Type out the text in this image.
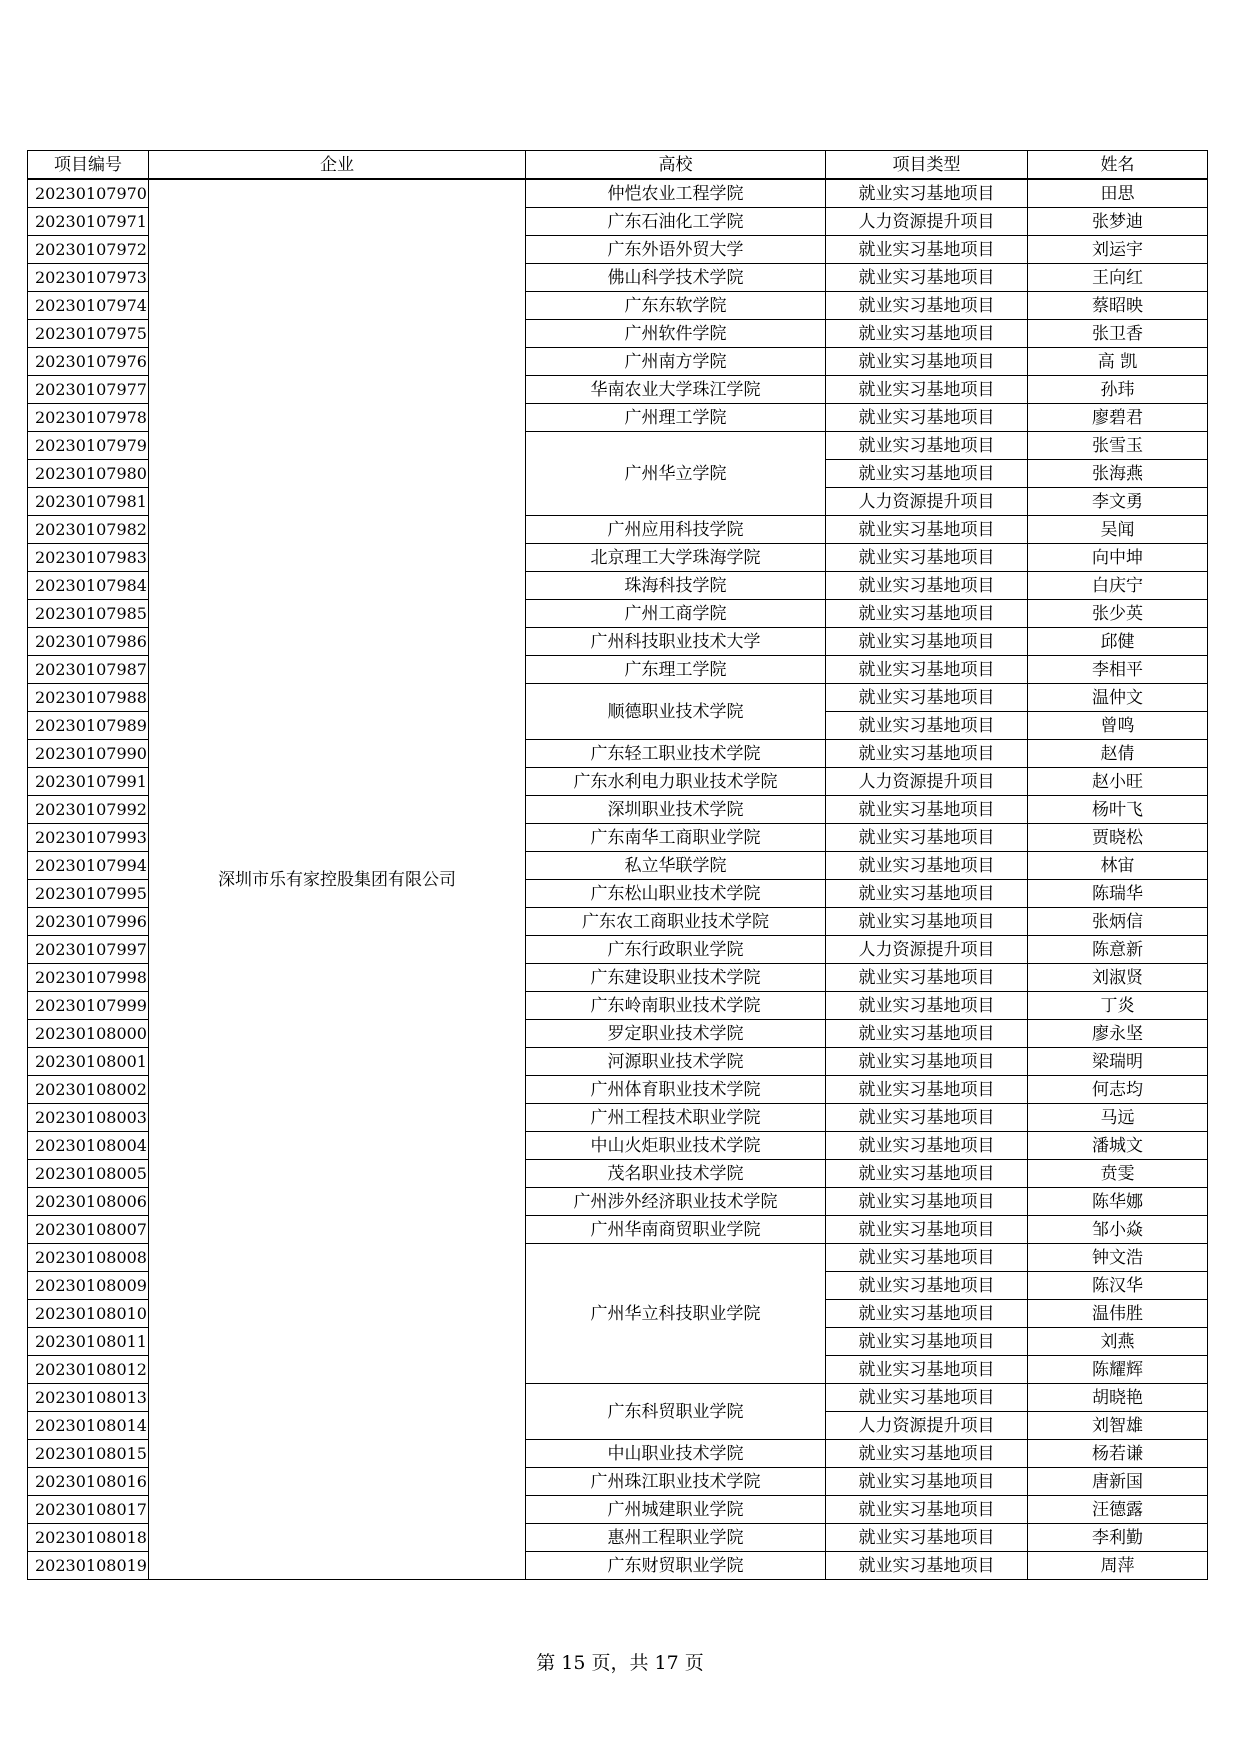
项目编号	企业	高校	项目类型	姓名
20230107970	深圳市乐有家控股集团有限公司	仲恺农业工程学院	就业实习基地项目	田思
20230107971		广东石油化工学院	人力资源提升项目	张梦迪
20230107972		广东外语外贸大学	就业实习基地项目	刘运宇
20230107973		佛山科学技术学院	就业实习基地项目	王向红
20230107974		广东东软学院	就业实习基地项目	蔡昭映
20230107975		广州软件学院	就业实习基地项目	张卫香
20230107976		广州南方学院	就业实习基地项目	高 凯
20230107977		华南农业大学珠江学院	就业实习基地项目	孙玮
20230107978		广州理工学院	就业实习基地项目	廖碧君
20230107979		广州华立学院	就业实习基地项目	张雪玉
20230107980			就业实习基地项目	张海燕
20230107981			人力资源提升项目	李文勇
20230107982		广州应用科技学院	就业实习基地项目	吴闻
20230107983		北京理工大学珠海学院	就业实习基地项目	向中坤
20230107984		珠海科技学院	就业实习基地项目	白庆宁
20230107985		广州工商学院	就业实习基地项目	张少英
20230107986		广州科技职业技术大学	就业实习基地项目	邱健
20230107987		广东理工学院	就业实习基地项目	李相平
20230107988		顺德职业技术学院	就业实习基地项目	温仲文
20230107989			就业实习基地项目	曾鸣
20230107990		广东轻工职业技术学院	就业实习基地项目	赵倩
20230107991		广东水利电力职业技术学院	人力资源提升项目	赵小旺
20230107992		深圳职业技术学院	就业实习基地项目	杨叶飞
20230107993		广东南华工商职业学院	就业实习基地项目	贾晓松
20230107994		私立华联学院	就业实习基地项目	林宙
20230107995		广东松山职业技术学院	就业实习基地项目	陈瑞华
20230107996		广东农工商职业技术学院	就业实习基地项目	张炳信
20230107997		广东行政职业学院	人力资源提升项目	陈意新
20230107998		广东建设职业技术学院	就业实习基地项目	刘淑贤
20230107999		广东岭南职业技术学院	就业实习基地项目	丁炎
20230108000		罗定职业技术学院	就业实习基地项目	廖永坚
20230108001		河源职业技术学院	就业实习基地项目	梁瑞明
20230108002		广州体育职业技术学院	就业实习基地项目	何志均
20230108003		广州工程技术职业学院	就业实习基地项目	马远
20230108004		中山火炬职业技术学院	就业实习基地项目	潘城文
20230108005		茂名职业技术学院	就业实习基地项目	贲雯
20230108006		广州涉外经济职业技术学院	就业实习基地项目	陈华娜
20230108007		广州华南商贸职业学院	就业实习基地项目	邹小焱
20230108008		广州华立科技职业学院	就业实习基地项目	钟文浩
20230108009			就业实习基地项目	陈汉华
20230108010			就业实习基地项目	温伟胜
20230108011			就业实习基地项目	刘燕
20230108012			就业实习基地项目	陈耀辉
20230108013		广东科贸职业学院	就业实习基地项目	胡晓艳
20230108014			人力资源提升项目	刘智雄
20230108015		中山职业技术学院	就业实习基地项目	杨若谦
20230108016		广州珠江职业技术学院	就业实习基地项目	唐新国
20230108017		广州城建职业学院	就业实习基地项目	汪德露
20230108018		惠州工程职业学院	就业实习基地项目	李利勤
20230108019		广东财贸职业学院	就业实习基地项目	周萍
第 15 页，共 17 页
